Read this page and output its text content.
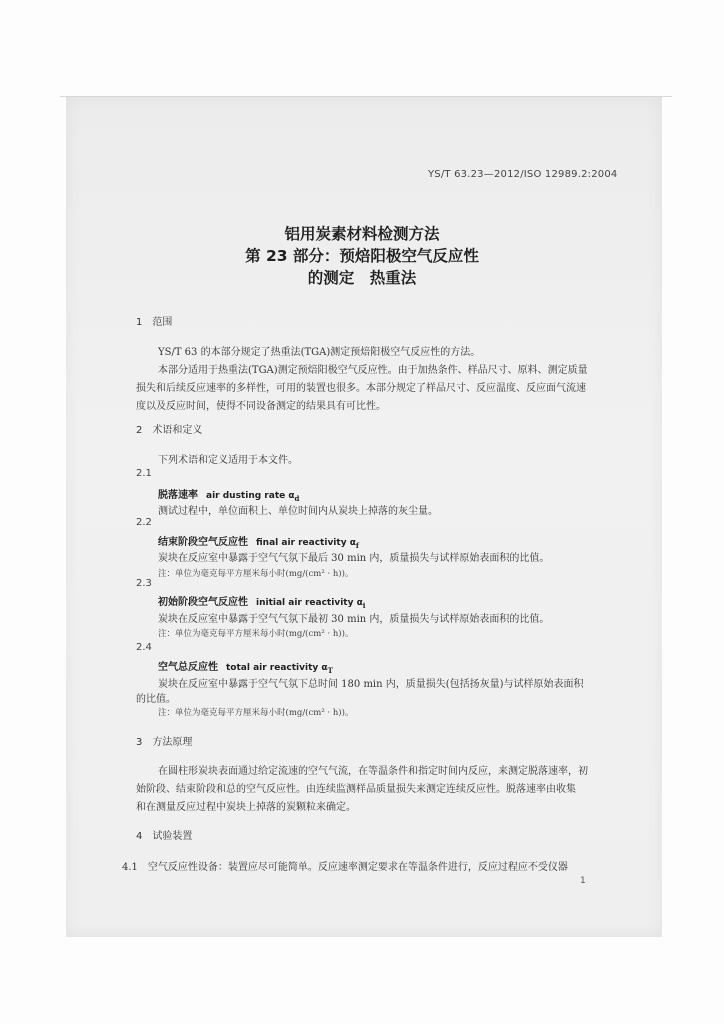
YS/T 63.23—2012/ISO 12989.2:2004
铝用炭素材料检测方法
第 23 部分：预焙阳极空气反应性
的测定　热重法
1　范围
YS/T 63 的本部分规定了热重法(TGA)测定预焙阳极空气反应性的方法。
本部分适用于热重法(TGA)测定预焙阳极空气反应性。由于加热条件、样品尺寸、原料、测定质量
损失和后续反应速率的多样性，可用的装置也很多。本部分规定了样品尺寸、反应温度、反应面气流速
度以及反应时间，使得不同设备测定的结果具有可比性。
2　术语和定义
下列术语和定义适用于本文件。
2.1
脱落速率 air dusting rate $\alpha_d$
测试过程中，单位面积上、单位时间内从炭块上掉落的灰尘量。
2.2
结束阶段空气反应性 final air reactivity $\alpha_f$
炭块在反应室中暴露于空气气氛下最后 30 min 内，质量损失与试样原始表面积的比值。
注：单位为毫克每平方厘米每小时(mg/(cm² · h))。
2.3
初始阶段空气反应性 initial air reactivity $\alpha_i$
炭块在反应室中暴露于空气气氛下最初 30 min 内，质量损失与试样原始表面积的比值。
注：单位为毫克每平方厘米每小时(mg/(cm² · h))。
2.4
空气总反应性 total air reactivity $\alpha_T$
炭块在反应室中暴露于空气气氛下总时间 180 min 内，质量损失(包括扬灰量)与试样原始表面积
的比值。
注：单位为毫克每平方厘米每小时(mg/(cm² · h))。
3　方法原理
在圆柱形炭块表面通过给定流速的空气气流，在等温条件和指定时间内反应，来测定脱落速率，初
始阶段、结束阶段和总的空气反应性。由连续监测样品质量损失来测定连续反应性。脱落速率由收集
和在测量反应过程中炭块上掉落的炭颗粒来确定。
4　试验装置
4.1　空气反应性设备：装置应尽可能简单。反应速率测定要求在等温条件进行，反应过程应不受仪器
1
